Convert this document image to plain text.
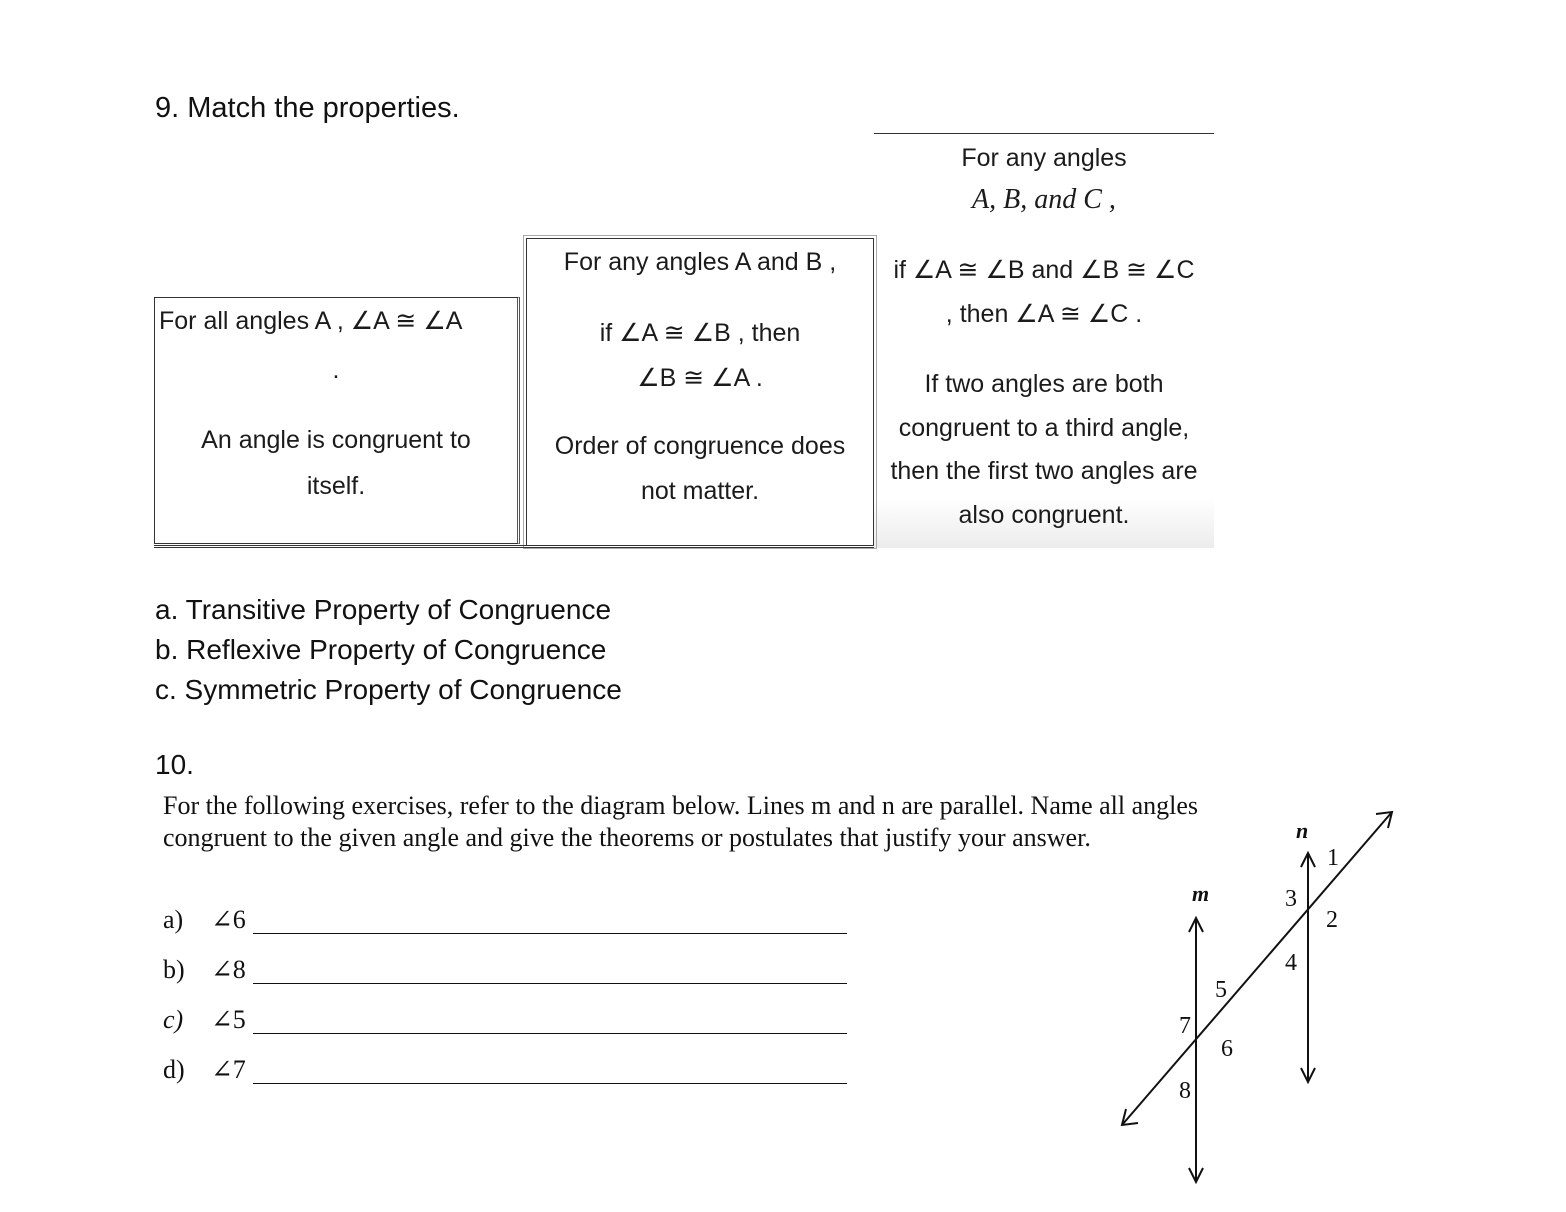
9. Match the properties.
For any angles
A, B, and C ,
if ∠A ≅ ∠B and ∠B ≅ ∠C
, then ∠A ≅ ∠C .
If two angles are both
congruent to a third angle,
then the first two angles are
also congruent.
For any angles A and B ,
if ∠A ≅ ∠B , then
∠B ≅ ∠A .
Order of congruence does
not matter.
For all angles A , ∠A ≅ ∠A
.
An angle is congruent to
itself.
a. Transitive Property of Congruence
b. Reflexive Property of Congruence
c. Symmetric Property of Congruence
10.
For the following exercises, refer to the diagram below. Lines m and n are parallel. Name all angles
congruent to the given angle and give the theorems or postulates that justify your answer.
a) ∠6
b) ∠8
c) ∠5
d) ∠7
m
n
1
2
3
4
5
6
7
8
